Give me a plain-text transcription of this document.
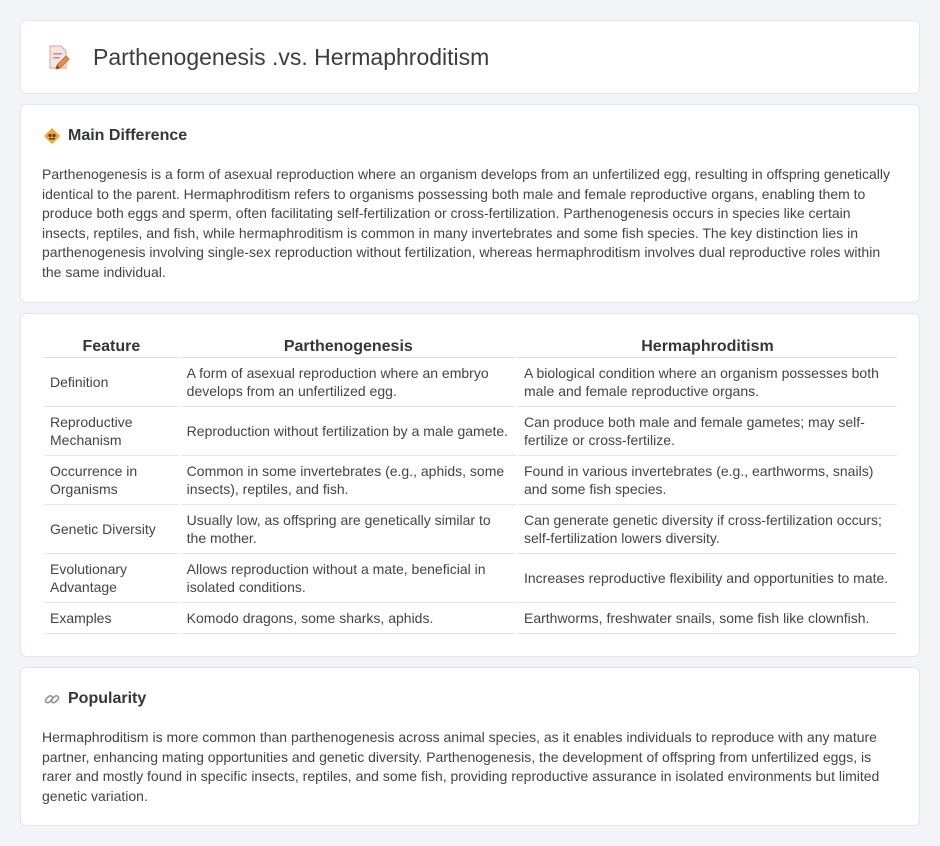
Parthenogenesis .vs. Hermaphroditism
Main Difference

Parthenogenesis is a form of asexual reproduction where an organism develops from an unfertilized egg, resulting in offspring genetically identical to the parent. Hermaphroditism refers to organisms possessing both male and female reproductive organs, enabling them to produce both eggs and sperm, often facilitating self-fertilization or cross-fertilization. Parthenogenesis occurs in species like certain insects, reptiles, and fish, while hermaphroditism is common in many invertebrates and some fish species. The key distinction lies in parthenogenesis involving single-sex reproduction without fertilization, whereas hermaphroditism involves dual reproductive roles within the same individual.

Feature	Parthenogenesis	Hermaphroditism
Definition	A form of asexual reproduction where an embryo develops from an unfertilized egg.	A biological condition where an organism possesses both male and female reproductive organs.
Reproductive Mechanism	Reproduction without fertilization by a male gamete.	Can produce both male and female gametes; may self-fertilize or cross-fertilize.
Occurrence in Organisms	Common in some invertebrates (e.g., aphids, some insects), reptiles, and fish.	Found in various invertebrates (e.g., earthworms, snails) and some fish species.
Genetic Diversity	Usually low, as offspring are genetically similar to the mother.	Can generate genetic diversity if cross-fertilization occurs; self-fertilization lowers diversity.
Evolutionary Advantage	Allows reproduction without a mate, beneficial in isolated conditions.	Increases reproductive flexibility and opportunities to mate.
Examples	Komodo dragons, some sharks, aphids.	Earthworms, freshwater snails, some fish like clownfish.
Popularity

Hermaphroditism is more common than parthenogenesis across animal species, as it enables individuals to reproduce with any mature partner, enhancing mating opportunities and genetic diversity. Parthenogenesis, the development of offspring from unfertilized eggs, is rarer and mostly found in specific insects, reptiles, and some fish, providing reproductive assurance in isolated environments but limited genetic variation.
